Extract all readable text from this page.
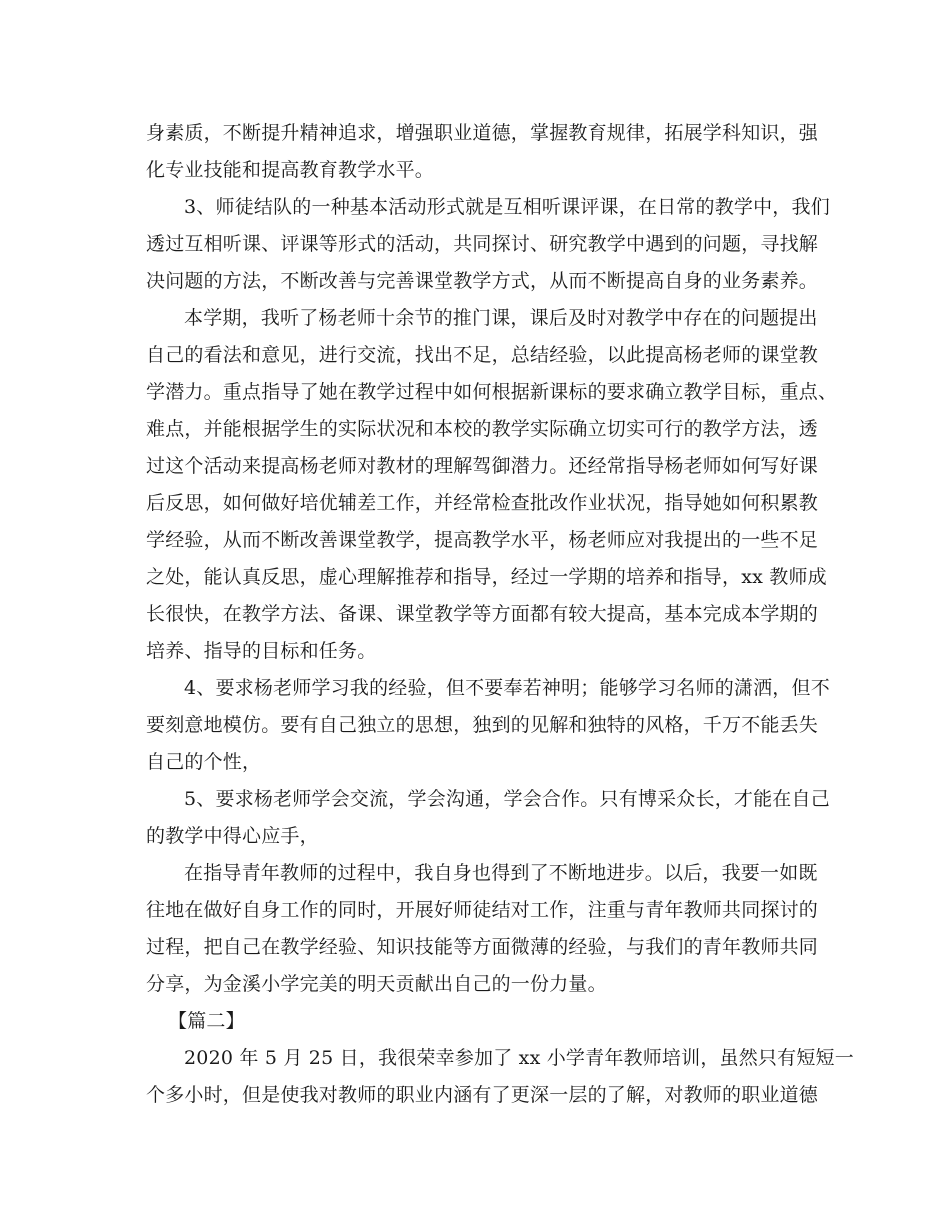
身素质，不断提升精神追求，增强职业道德，掌握教育规律，拓展学科知识，强
化专业技能和提高教育教学水平。
3、师徒结队的一种基本活动形式就是互相听课评课，在日常的教学中，我们
透过互相听课、评课等形式的活动，共同探讨、研究教学中遇到的问题，寻找解
决问题的方法，不断改善与完善课堂教学方式，从而不断提高自身的业务素养。
本学期，我听了杨老师十余节的推门课，课后及时对教学中存在的问题提出
自己的看法和意见，进行交流，找出不足，总结经验，以此提高杨老师的课堂教
学潜力。重点指导了她在教学过程中如何根据新课标的要求确立教学目标，重点、
难点，并能根据学生的实际状况和本校的教学实际确立切实可行的教学方法，透
过这个活动来提高杨老师对教材的理解驾御潜力。还经常指导杨老师如何写好课
后反思，如何做好培优辅差工作，并经常检查批改作业状况，指导她如何积累教
学经验，从而不断改善课堂教学，提高教学水平，杨老师应对我提出的一些不足
之处，能认真反思，虚心理解推荐和指导，经过一学期的培养和指导，xx 教师成
长很快，在教学方法、备课、课堂教学等方面都有较大提高，基本完成本学期的
培养、指导的目标和任务。
4、要求杨老师学习我的经验，但不要奉若神明；能够学习名师的潇洒，但不
要刻意地模仿。要有自己独立的思想，独到的见解和独特的风格，千万不能丢失
自己的个性，
5、要求杨老师学会交流，学会沟通，学会合作。只有博采众长，才能在自己
的教学中得心应手，
在指导青年教师的过程中，我自身也得到了不断地进步。以后，我要一如既
往地在做好自身工作的同时，开展好师徒结对工作，注重与青年教师共同探讨的
过程，把自己在教学经验、知识技能等方面微薄的经验，与我们的青年教师共同
分享，为金溪小学完美的明天贡献出自己的一份力量。
【篇二】
2020 年 5 月 25 日，我很荣幸参加了 xx 小学青年教师培训，虽然只有短短一
个多小时，但是使我对教师的职业内涵有了更深一层的了解，对教师的职业道德
